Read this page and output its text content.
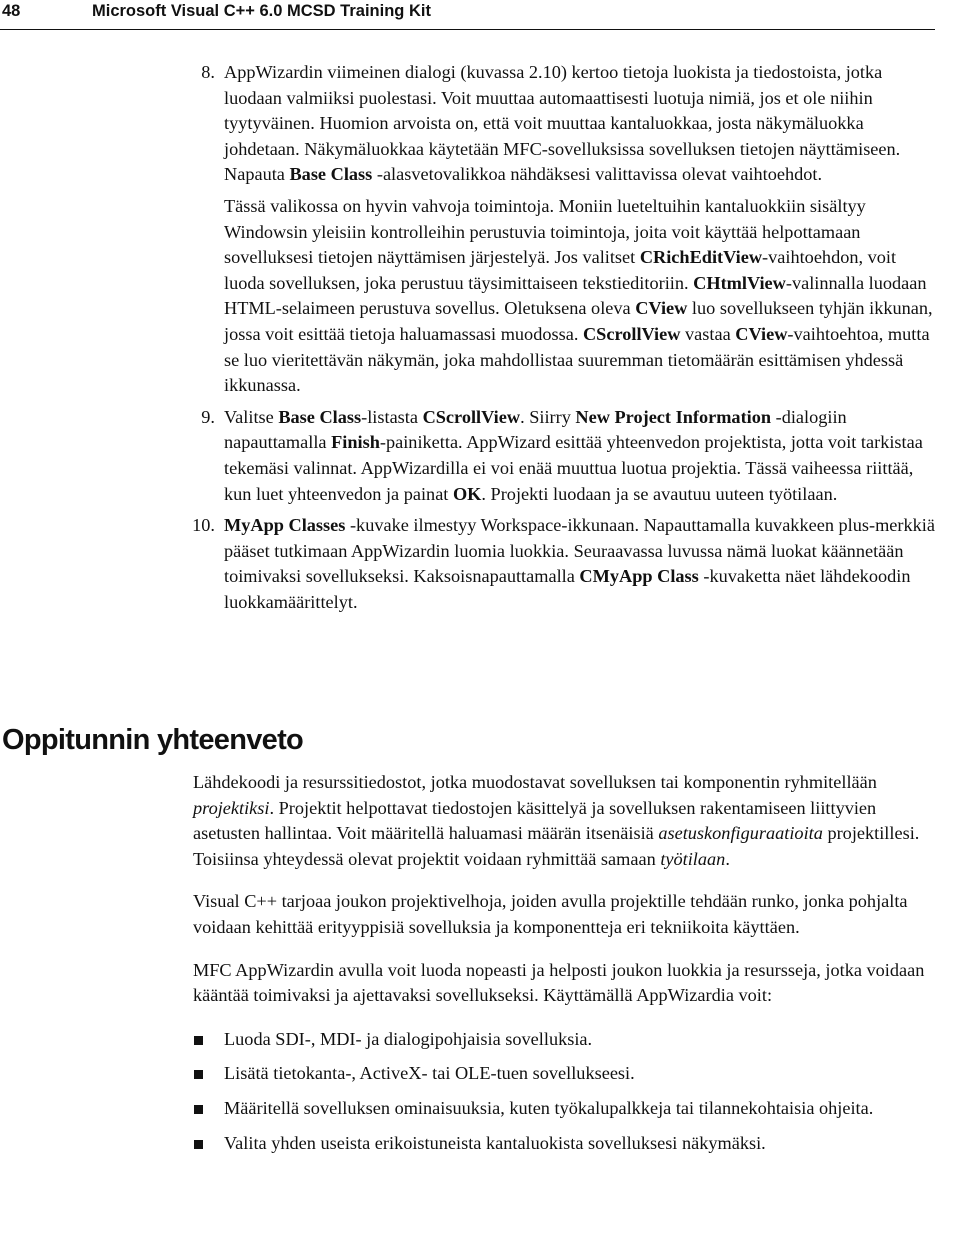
48	Microsoft Visual C++ 6.0 MCSD Training Kit
8. AppWizardin viimeinen dialogi (kuvassa 2.10) kertoo tietoja luokista ja tiedostoista, jotka luodaan valmiiksi puolestasi. Voit muuttaa automaattisesti luotuja nimiä, jos et ole niihin tyytyväinen. Huomion arvoista on, että voit muuttaa kantaluokkaa, josta näkymäluokka johdetaan. Näkymäluokkaa käytetään MFC-sovelluksissa sovelluksen tietojen näyttämiseen. Napauta Base Class -alasvetovalikkoa nähdäksesi valittavissa olevat vaihtoehdot.

Tässä valikossa on hyvin vahvoja toimintoja. Moniin lueteltuihin kantaluokkiin sisältyy Windowsin yleisiin kontrolleihin perustuvia toimintoja, joita voit käyttää helpottamaan sovelluksesi tietojen näyttämisen järjestelyä. Jos valitset CRichEditView-vaihtoehdon, voit luoda sovelluksen, joka perustuu täysimittaiseen tekstieditoriin. CHtmlView-valinnalla luodaan HTML-selaimeen perustuva sovellus. Oletuksena oleva CView luo sovellukseen tyhjän ikkunan, jossa voit esittää tietoja haluamassasi muodossa. CScrollView vastaa CView-vaihtoehtoa, mutta se luo vieritettävän näkymän, joka mahdollistaa suuremman tietomäärän esittämisen yhdessä ikkunassa.

9. Valitse Base Class-listasta CScrollView. Siirry New Project Information -dialogiin napauttamalla Finish-painiketta. AppWizard esittää yhteenvedon projektista, jotta voit tarkistaa tekemäsi valinnat. AppWizardilla ei voi enää muuttua luotua projektia. Tässä vaiheessa riittää, kun luet yhteenvedon ja painat OK. Projekti luodaan ja se avautuu uuteen työtilaan.

10. MyApp Classes -kuvake ilmestyy Workspace-ikkunaan. Napauttamalla kuvakkeen plus-merkkiä pääset tutkimaan AppWizardin luomia luokkia. Seuraavassa luvussa nämä luokat käännetään toimivaksi sovellukseksi. Kaksoisnapauttamalla CMyApp Class -kuvaketta näet lähdekoodin luokkamäärittelyt.

Oppitunnin yhteenveto

Lähdekoodi ja resurssitiedostot, jotka muodostavat sovelluksen tai komponentin ryhmitellään projektiksi. Projektit helpottavat tiedostojen käsittelyä ja sovelluksen rakentamiseen liittyvien asetusten hallintaa. Voit määritellä haluamasi määrän itsenäisiä asetuskonfiguraatioita projektillesi. Toisiinsa yhteydessä olevat projektit voidaan ryhmittää samaan työtilaan.

Visual C++ tarjoaa joukon projektivelhoja, joiden avulla projektille tehdään runko, jonka pohjalta voidaan kehittää erityyppisiä sovelluksia ja komponentteja eri tekniikoita käyttäen.

MFC AppWizardin avulla voit luoda nopeasti ja helposti joukon luokkia ja resursseja, jotka voidaan kääntää toimivaksi ja ajettavaksi sovellukseksi. Käyttämällä AppWizardia voit:

Luoda SDI-, MDI- ja dialogipohjaisia sovelluksia.
Lisätä tietokanta-, ActiveX- tai OLE-tuen sovellukseesi.
Määritellä sovelluksen ominaisuuksia, kuten työkalupalkkeja tai tilannekohtaisia ohjeita.
Valita yhden useista erikoistuneista kantaluokista sovelluksesi näkymäksi.
